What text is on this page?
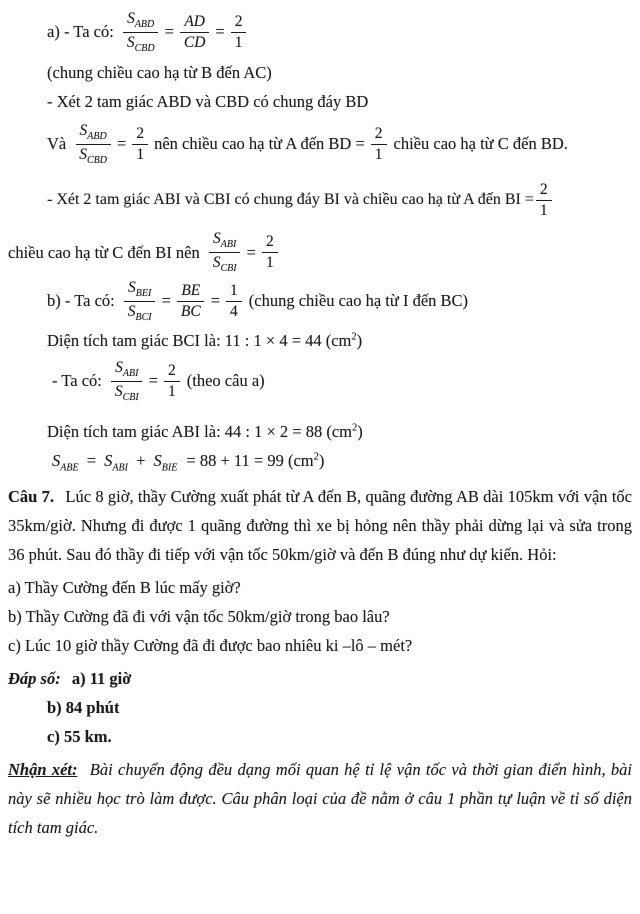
a) - Ta có: $\frac{S_{ABD}}{S_{CBD}} = \frac{AD}{CD} = \frac{2}{1}$
(chung chiều cao hạ từ B đến AC)
- Xét 2 tam giác ABD và CBD có chung đáy BD
Và $\frac{S_{ABD}}{S_{CBD}} = \frac{2}{1}$ nên chiều cao hạ từ A đến BD = $\frac{2}{1}$ chiều cao hạ từ C đến BD.
- Xét 2 tam giác ABI và CBI có chung đáy BI và chiều cao hạ từ A đến BI = $\frac{2}{1}$
chiều cao hạ từ C đến BI nên $\frac{S_{ABI}}{S_{CBI}} = \frac{2}{1}$
b) - Ta có: $\frac{S_{BEI}}{S_{BCI}} = \frac{BE}{BC} = \frac{1}{4}$ (chung chiều cao hạ từ I đến BC)
Diện tích tam giác BCI là: 11 : 1 × 4 = 44 $(cm^2)$
- Ta có: $\frac{S_{ABI}}{S_{CBI}} = \frac{2}{1}$ (theo câu a)
Diện tích tam giác ABI là: 44 : 1 × 2 = 88 $(cm^2)$
$S_{ABE} = S_{ABI} + S_{BIE} = 88 + 11 = 99$ $(cm^2)$
Câu 7. Lúc 8 giờ, thầy Cường xuất phát từ A đến B, quãng đường AB dài 105km với vận tốc 35km/giờ. Nhưng đi được 1 quãng đường thì xe bị hỏng nên thầy phải dừng lại và sửa trong 36 phút. Sau đó thầy đi tiếp với vận tốc 50km/giờ và đến B đúng như dự kiến. Hỏi:
a) Thầy Cường đến B lúc mấy giờ?
b) Thầy Cường đã đi với vận tốc 50km/giờ trong bao lâu?
c) Lúc 10 giờ thầy Cường đã đi được bao nhiêu ki –lô – mét?
Đáp số: a) 11 giờ
b) 84 phút
c) 55 km.
Nhận xét: Bài chuyển động đều dạng mối quan hệ tỉ lệ vận tốc và thời gian điển hình, bài này sẽ nhiều học trò làm được. Câu phân loại của đề nằm ở câu 1 phần tự luận về tỉ số diện tích tam giác.
